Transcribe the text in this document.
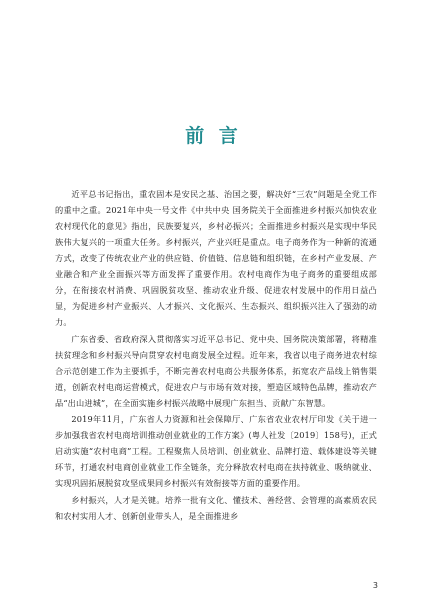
前 言

近平总书记指出，重农固本是安民之基、治国之要，解决好“三农”问题是全党工作的重中之重。2021年中央一号文件《中共中央 国务院关于全面推进乡村振兴加快农业农村现代化的意见》指出，民族要复兴，乡村必振兴；全面推进乡村振兴是实现中华民族伟大复兴的一项重大任务。乡村振兴，产业兴旺是重点。电子商务作为一种新的流通方式，改变了传统农业产业的供应链、价值链、信息链和组织链，在乡村产业发展、产业融合和产业全面振兴等方面发挥了重要作用。农村电商作为电子商务的重要组成部分，在衔接农村消费、巩固脱贫攻坚、推动农业升级、促进农村发展中的作用日益凸显，为促进乡村产业振兴、人才振兴、文化振兴、生态振兴、组织振兴注入了强劲的动力。

广东省委、省政府深入贯彻落实习近平总书记、党中央、国务院决策部署，将精准扶贫理念和乡村振兴导向贯穿农村电商发展全过程。近年来，我省以电子商务进农村综合示范创建工作为主要抓手，不断完善农村电商公共服务体系，拓宽农产品线上销售渠道，创新农村电商运营模式，促进农户与市场有效对接，塑造区域特色品牌，推动农产品“出山进城”，在全面实施乡村振兴战略中展现广东担当、贡献广东智慧。

2019年11月，广东省人力资源和社会保障厅、广东省农业农村厅印发《关于进一步加强我省农村电商培训推动创业就业的工作方案》(粤人社发〔2019〕158号)，正式启动实施“农村电商”工程。工程聚焦人员培训、创业就业、品牌打造、载体建设等关键环节，打通农村电商创业就业工作全链条，充分释放农村电商在扶持就业、吸纳就业、实现巩固拓展脱贫攻坚成果同乡村振兴有效衔接等方面的重要作用。

乡村振兴，人才是关键。培养一批有文化、懂技术、善经营、会管理的高素质农民和农村实用人才、创新创业带头人，是全面推进乡

3
